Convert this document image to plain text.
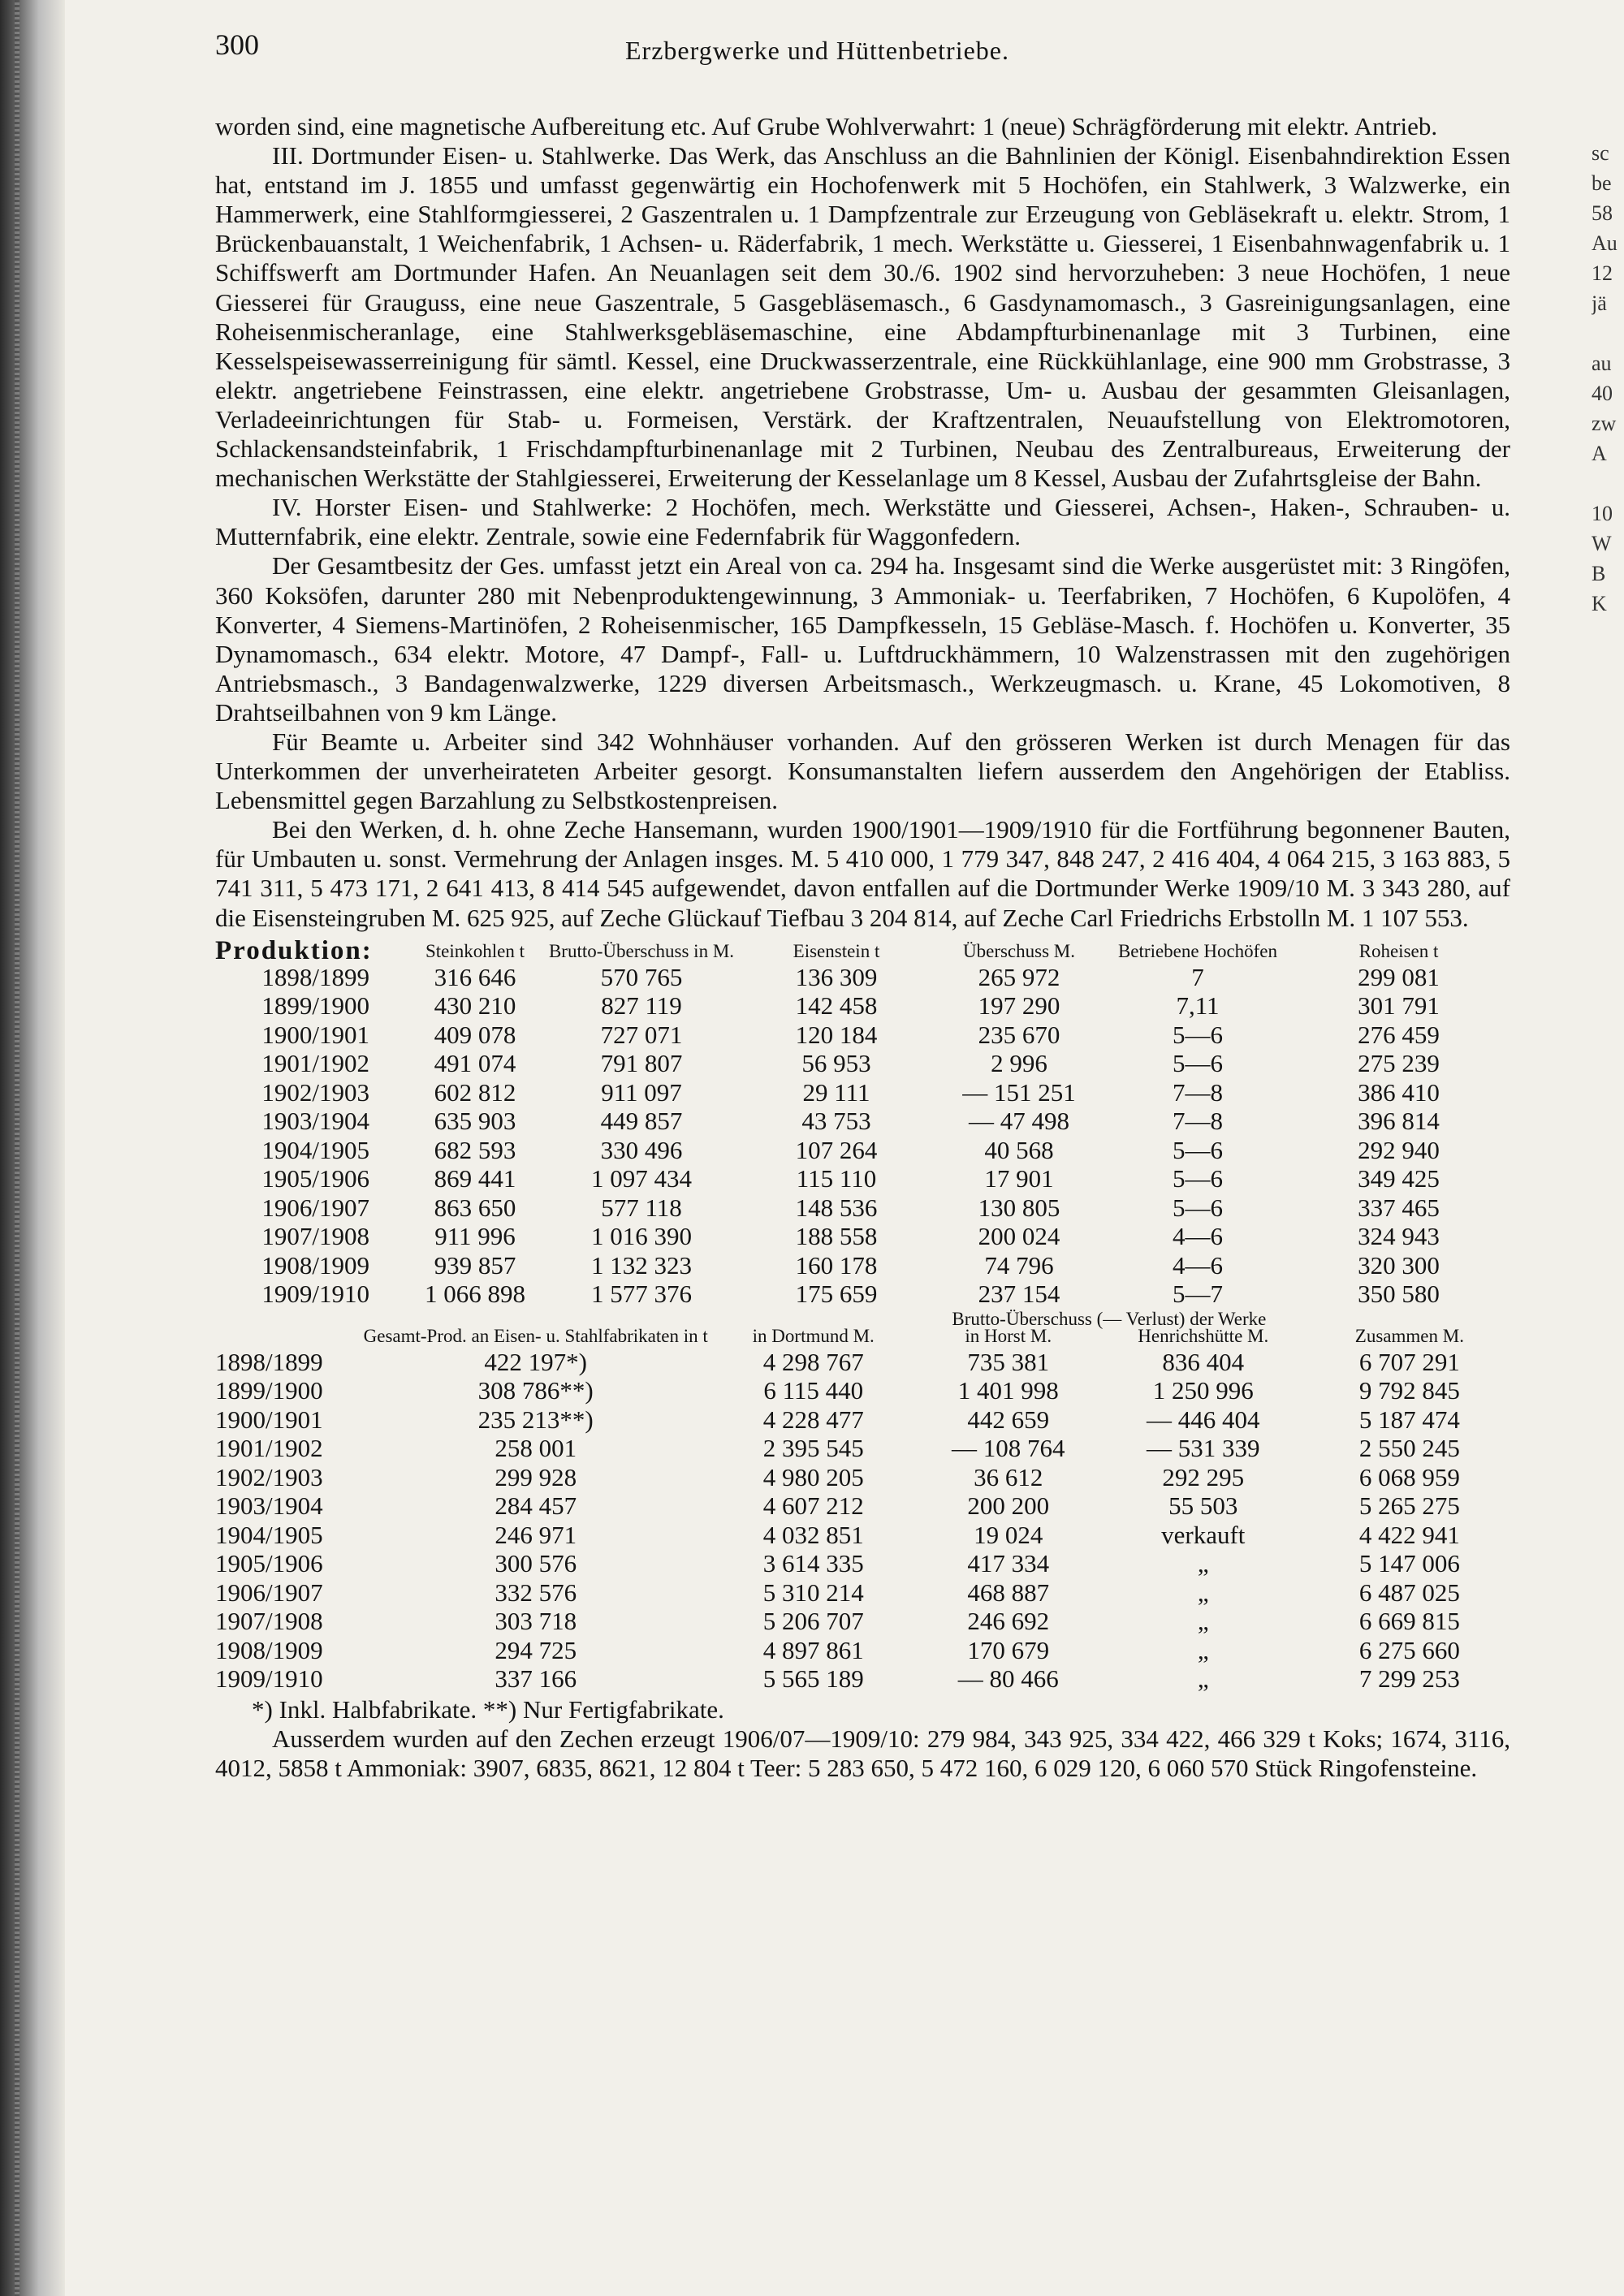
sc
be
58
Au
12
jä

au
40
zw
A

10
W
B
K
300	Erzbergwerke und Hüttenbetriebe.

worden sind, eine magnetische Aufbereitung etc. Auf Grube Wohlverwahrt: 1 (neue) Schrägförderung mit elektr. Antrieb.

III. Dortmunder Eisen- u. Stahlwerke. Das Werk, das Anschluss an die Bahnlinien der Königl. Eisenbahndirektion Essen hat, entstand im J. 1855 und umfasst gegenwärtig ein Hochofenwerk mit 5 Hochöfen, ein Stahlwerk, 3 Walzwerke, ein Hammerwerk, eine Stahlformgiesserei, 2 Gaszentralen u. 1 Dampfzentrale zur Erzeugung von Gebläsekraft u. elektr. Strom, 1 Brückenbauanstalt, 1 Weichenfabrik, 1 Achsen- u. Räderfabrik, 1 mech. Werkstätte u. Giesserei, 1 Eisenbahnwagenfabrik u. 1 Schiffswerft am Dortmunder Hafen. An Neuanlagen seit dem 30./6. 1902 sind hervorzuheben: 3 neue Hochöfen, 1 neue Giesserei für Grauguss, eine neue Gaszentrale, 5 Gasgebläsemasch., 6 Gasdynamomasch., 3 Gasreinigungsanlagen, eine Roheisenmischeranlage, eine Stahlwerksgebläsemaschine, eine Abdampfturbinenanlage mit 3 Turbinen, eine Kesselspeisewasserreinigung für sämtl. Kessel, eine Druckwasserzentrale, eine Rückkühlanlage, eine 900 mm Grobstrasse, 3 elektr. angetriebene Feinstrassen, eine elektr. angetriebene Grobstrasse, Um- u. Ausbau der gesammten Gleisanlagen, Verladeeinrichtungen für Stab- u. Formeisen, Verstärk. der Kraftzentralen, Neuaufstellung von Elektromotoren, Schlackensandsteinfabrik, 1 Frischdampfturbinenanlage mit 2 Turbinen, Neubau des Zentralbureaus, Erweiterung der mechanischen Werkstätte der Stahlgiesserei, Erweiterung der Kesselanlage um 8 Kessel, Ausbau der Zufahrtsgleise der Bahn.

IV. Horster Eisen- und Stahlwerke: 2 Hochöfen, mech. Werkstätte und Giesserei, Achsen-, Haken-, Schrauben- u. Mutternfabrik, eine elektr. Zentrale, sowie eine Federnfabrik für Waggonfedern.

Der Gesamtbesitz der Ges. umfasst jetzt ein Areal von ca. 294 ha. Insgesamt sind die Werke ausgerüstet mit: 3 Ringöfen, 360 Koksöfen, darunter 280 mit Nebenproduktengewinnung, 3 Ammoniak- u. Teerfabriken, 7 Hochöfen, 6 Kupolöfen, 4 Konverter, 4 Siemens-Martinöfen, 2 Roheisenmischer, 165 Dampfkesseln, 15 Gebläse-Masch. f. Hochöfen u. Konverter, 35 Dynamomasch., 634 elektr. Motore, 47 Dampf-, Fall- u. Luftdruckhämmern, 10 Walzenstrassen mit den zugehörigen Antriebsmasch., 3 Bandagenwalzwerke, 1229 diversen Arbeitsmasch., Werkzeugmasch. u. Krane, 45 Lokomotiven, 8 Drahtseilbahnen von 9 km Länge.

Für Beamte u. Arbeiter sind 342 Wohnhäuser vorhanden. Auf den grösseren Werken ist durch Menagen für das Unterkommen der unverheirateten Arbeiter gesorgt. Konsumanstalten liefern ausserdem den Angehörigen der Etabliss. Lebensmittel gegen Barzahlung zu Selbstkostenpreisen.

Bei den Werken, d. h. ohne Zeche Hansemann, wurden 1900/1901—1909/1910 für die Fortführung begonnener Bauten, für Umbauten u. sonst. Vermehrung der Anlagen insges. M. 5 410 000, 1 779 347, 848 247, 2 416 404, 4 064 215, 3 163 883, 5 741 311, 5 473 171, 2 641 413, 8 414 545 aufgewendet, davon entfallen auf die Dortmunder Werke 1909/10 M. 3 343 280, auf die Eisensteingruben M. 625 925, auf Zeche Glückauf Tiefbau 3 204 814, auf Zeche Carl Friedrichs Erbstolln M. 1 107 553.

Produktion:	Steinkohlen t	Brutto-Überschuss in M.	Eisenstein t	Überschuss M.	Betriebene Hochöfen	Roheisen t
1898/1899	316 646	570 765	136 309	265 972	7	299 081
1899/1900	430 210	827 119	142 458	197 290	7,11	301 791
1900/1901	409 078	727 071	120 184	235 670	5—6	276 459
1901/1902	491 074	791 807	56 953	2 996	5—6	275 239
1902/1903	602 812	911 097	29 111	— 151 251	7—8	386 410
1903/1904	635 903	449 857	43 753	— 47 498	7—8	396 814
1904/1905	682 593	330 496	107 264	40 568	5—6	292 940
1905/1906	869 441	1 097 434	115 110	17 901	5—6	349 425
1906/1907	863 650	577 118	148 536	130 805	5—6	337 465
1907/1908	911 996	1 016 390	188 558	200 024	4—6	324 943
1908/1909	939 857	1 132 323	160 178	74 796	4—6	320 300
1909/1910	1 066 898	1 577 376	175 659	237 154	5—7	350 580
		Brutto-Überschuss (— Verlust) der Werke			
	Gesamt-Prod. an Eisen- u. Stahlfabrikaten in t	in Dortmund M.	in Horst M.	Henrichshütte M.	Zusammen M.
1898/1899	422 197*)	4 298 767	735 381	836 404	6 707 291
1899/1900	308 786**)	6 115 440	1 401 998	1 250 996	9 792 845
1900/1901	235 213**)	4 228 477	442 659	— 446 404	5 187 474
1901/1902	258 001	2 395 545	— 108 764	— 531 339	2 550 245
1902/1903	299 928	4 980 205	36 612	292 295	6 068 959
1903/1904	284 457	4 607 212	200 200	55 503	5 265 275
1904/1905	246 971	4 032 851	19 024	verkauft	4 422 941
1905/1906	300 576	3 614 335	417 334	„	5 147 006
1906/1907	332 576	5 310 214	468 887	„	6 487 025
1907/1908	303 718	5 206 707	246 692	„	6 669 815
1908/1909	294 725	4 897 861	170 679	„	6 275 660
1909/1910	337 166	5 565 189	— 80 466	„	7 299 253

*) Inkl. Halbfabrikate. **) Nur Fertigfabrikate.

Ausserdem wurden auf den Zechen erzeugt 1906/07—1909/10: 279 984, 343 925, 334 422, 466 329 t Koks; 1674, 3116, 4012, 5858 t Ammoniak: 3907, 6835, 8621, 12 804 t Teer: 5 283 650, 5 472 160, 6 029 120, 6 060 570 Stück Ringofensteine.
